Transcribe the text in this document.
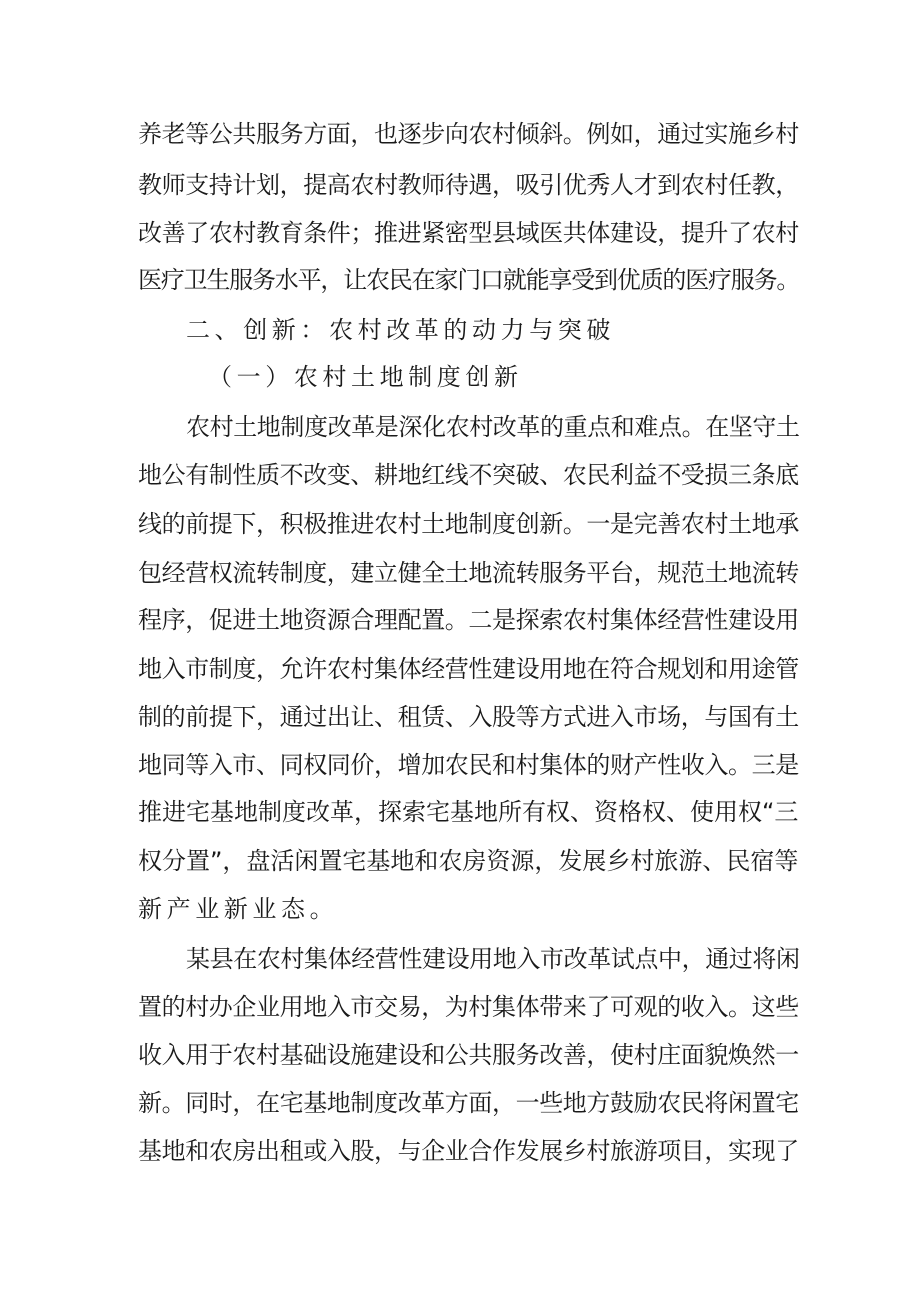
养老等公共服务方面，也逐步向农村倾斜。例如，通过实施乡村

教师支持计划，提高农村教师待遇，吸引优秀人才到农村任教，

改善了农村教育条件；推进紧密型县域医共体建设，提升了农村

医疗卫生服务水平，让农民在家门口就能享受到优质的医疗服务。

二、创新：农村改革的动力与突破

（一）农村土地制度创新

农村土地制度改革是深化农村改革的重点和难点。在坚守土

地公有制性质不改变、耕地红线不突破、农民利益不受损三条底

线的前提下，积极推进农村土地制度创新。一是完善农村土地承

包经营权流转制度，建立健全土地流转服务平台，规范土地流转

程序，促进土地资源合理配置。二是探索农村集体经营性建设用

地入市制度，允许农村集体经营性建设用地在符合规划和用途管

制的前提下，通过出让、租赁、入股等方式进入市场，与国有土

地同等入市、同权同价，增加农民和村集体的财产性收入。三是

推进宅基地制度改革，探索宅基地所有权、资格权、使用权“三

权分置”，盘活闲置宅基地和农房资源，发展乡村旅游、民宿等

新产业新业态。

某县在农村集体经营性建设用地入市改革试点中，通过将闲

置的村办企业用地入市交易，为村集体带来了可观的收入。这些

收入用于农村基础设施建设和公共服务改善，使村庄面貌焕然一

新。同时，在宅基地制度改革方面，一些地方鼓励农民将闲置宅

基地和农房出租或入股，与企业合作发展乡村旅游项目，实现了
